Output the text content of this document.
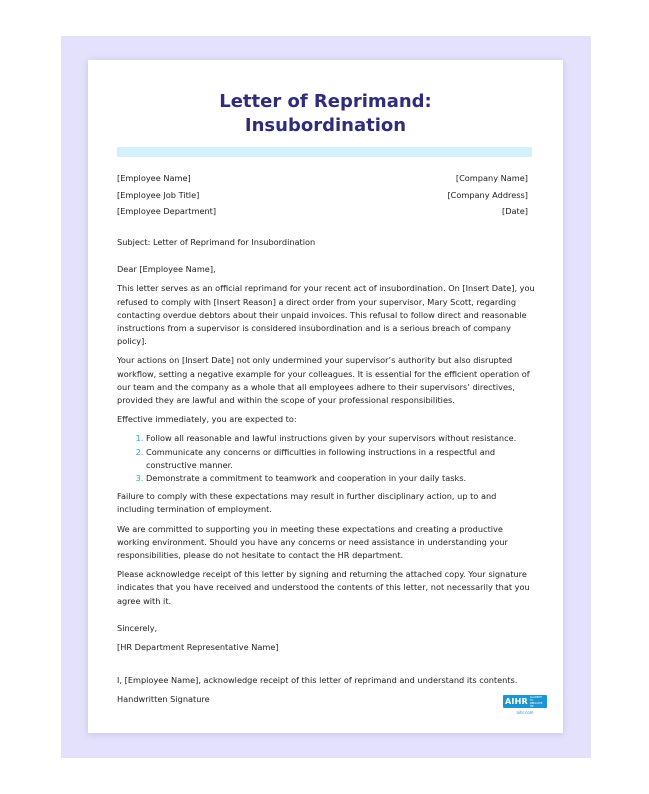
Letter of Reprimand:
Insubordination
[Employee Name]
[Employee Job Title]
[Employee Department]
[Company Name]
[Company Address]
[Date]

Subject: Letter of Reprimand for Insubordination

Dear [Employee Name],

This letter serves as an official reprimand for your recent act of insubordination. On [Insert Date], you refused to comply with [Insert Reason] a direct order from your supervisor, Mary Scott, regarding contacting overdue debtors about their unpaid invoices. This refusal to follow direct and reasonable instructions from a supervisor is considered insubordination and is a serious breach of company policy].

Your actions on [Insert Date] not only undermined your supervisor’s authority but also disrupted workflow, setting a negative example for your colleagues. It is essential for the efficient operation of our team and the company as a whole that all employees adhere to their supervisors’ directives, provided they are lawful and within the scope of your professional responsibilities.

Effective immediately, you are expected to:

1. Follow all reasonable and lawful instructions given by your supervisors without resistance.
2. Communicate any concerns or difficulties in following instructions in a respectful and constructive manner.
3. Demonstrate a commitment to teamwork and cooperation in your daily tasks.

Failure to comply with these expectations may result in further disciplinary action, up to and including termination of employment.

We are committed to supporting you in meeting these expectations and creating a productive working environment. Should you have any concerns or need assistance in understanding your responsibilities, please do not hesitate to contact the HR department.

Please acknowledge receipt of this letter by signing and returning the attached copy. Your signature indicates that you have received and understood the contents of this letter, not necessarily that you agree with it.

Sincerely,

[HR Department Representative Name]

I, [Employee Name], acknowledge receipt of this letter of reprimand and understand its contents.

Handwritten Signature	AIHR ACADEMY TO INNOVATE HR
aihr.com
